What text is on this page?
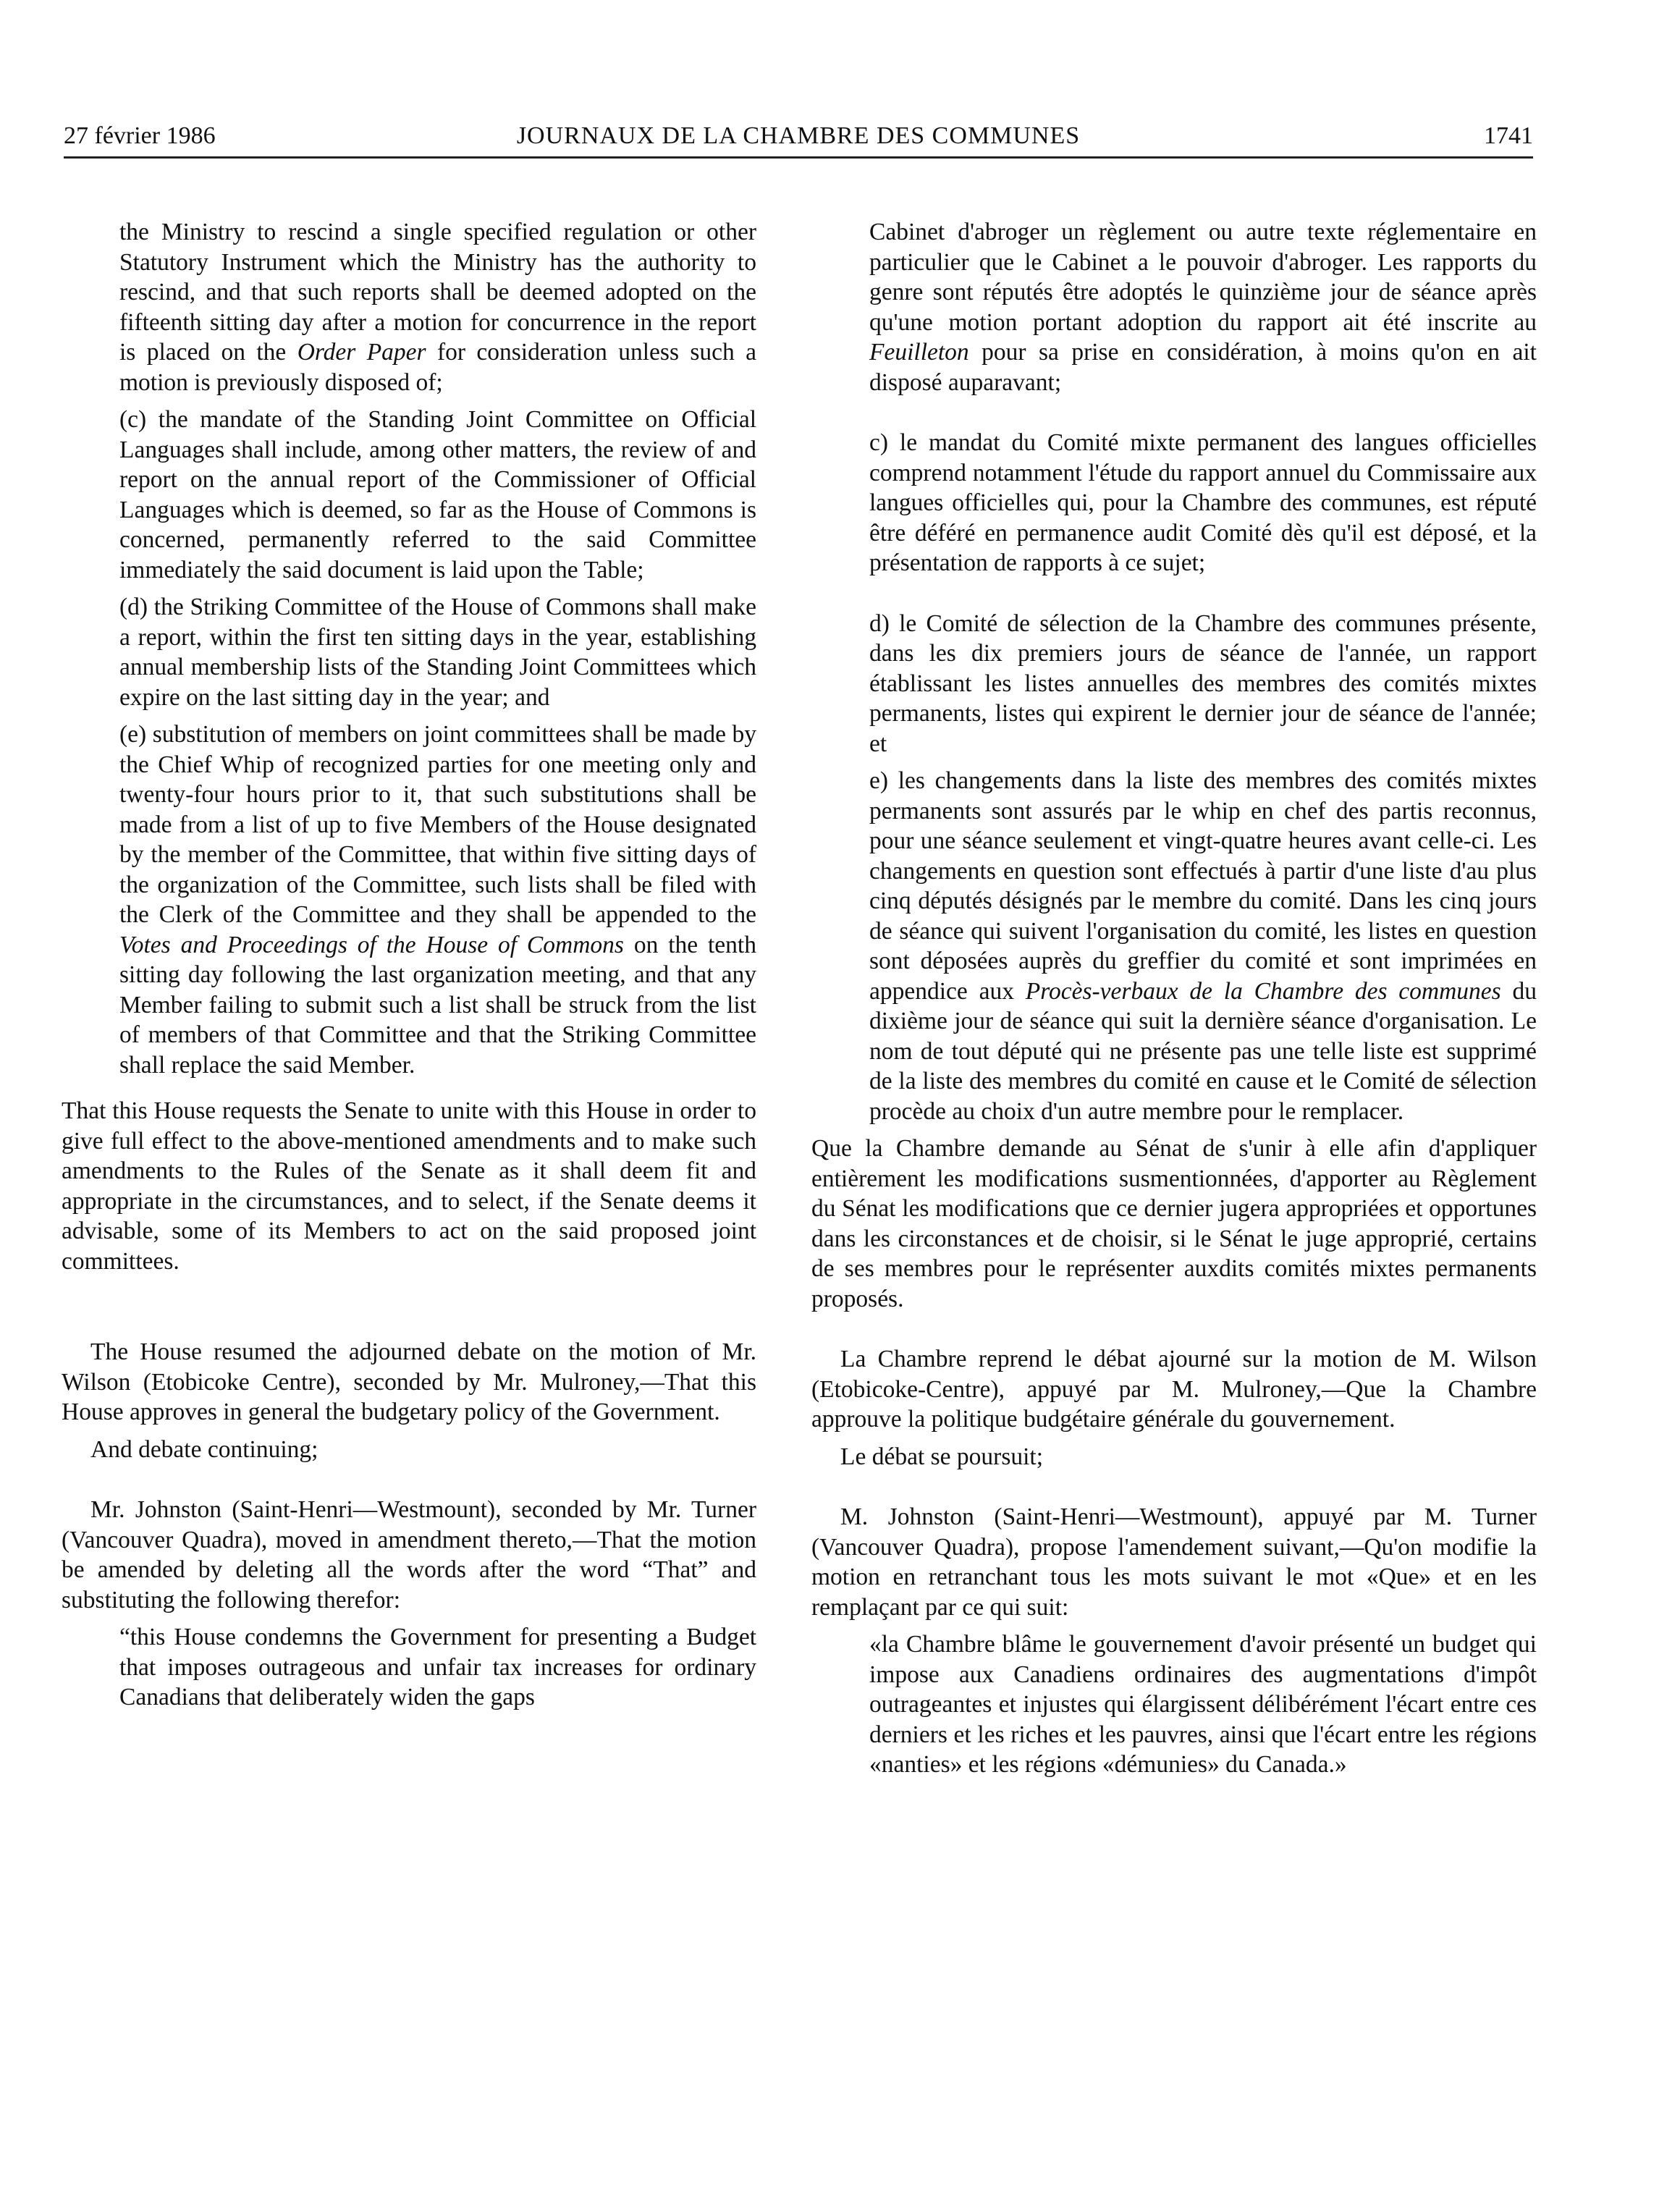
27 février 1986	JOURNAUX DE LA CHAMBRE DES COMMUNES	1741

the Ministry to rescind a single specified regulation or other Statutory Instrument which the Ministry has the authority to rescind, and that such reports shall be deemed adopted on the fifteenth sitting day after a motion for concurrence in the report is placed on the Order Paper for consideration unless such a motion is previously disposed of;

(c) the mandate of the Standing Joint Committee on Official Languages shall include, among other matters, the review of and report on the annual report of the Commissioner of Official Languages which is deemed, so far as the House of Commons is concerned, permanently referred to the said Committee immediately the said document is laid upon the Table;

(d) the Striking Committee of the House of Commons shall make a report, within the first ten sitting days in the year, establishing annual membership lists of the Standing Joint Committees which expire on the last sitting day in the year; and

(e) substitution of members on joint committees shall be made by the Chief Whip of recognized parties for one meeting only and twenty-four hours prior to it, that such substitutions shall be made from a list of up to five Members of the House designated by the member of the Committee, that within five sitting days of the organization of the Committee, such lists shall be filed with the Clerk of the Committee and they shall be appended to the Votes and Proceedings of the House of Commons on the tenth sitting day following the last organization meeting, and that any Member failing to submit such a list shall be struck from the list of members of that Committee and that the Striking Committee shall replace the said Member.

That this House requests the Senate to unite with this House in order to give full effect to the above-mentioned amendments and to make such amendments to the Rules of the Senate as it shall deem fit and appropriate in the circumstances, and to select, if the Senate deems it advisable, some of its Members to act on the said proposed joint committees.

The House resumed the adjourned debate on the motion of Mr. Wilson (Etobicoke Centre), seconded by Mr. Mulroney,—That this House approves in general the budgetary policy of the Government.

And debate continuing;

Mr. Johnston (Saint-Henri—Westmount), seconded by Mr. Turner (Vancouver Quadra), moved in amendment thereto,—That the motion be amended by deleting all the words after the word “That” and substituting the following therefor:

“this House condemns the Government for presenting a Budget that imposes outrageous and unfair tax increases for ordinary Canadians that deliberately widen the gaps

Cabinet d'abroger un règlement ou autre texte réglementaire en particulier que le Cabinet a le pouvoir d'abroger. Les rapports du genre sont réputés être adoptés le quinzième jour de séance après qu'une motion portant adoption du rapport ait été inscrite au Feuilleton pour sa prise en considération, à moins qu'on en ait disposé auparavant;

c) le mandat du Comité mixte permanent des langues officielles comprend notamment l'étude du rapport annuel du Commissaire aux langues officielles qui, pour la Chambre des communes, est réputé être déféré en permanence audit Comité dès qu'il est déposé, et la présentation de rapports à ce sujet;

d) le Comité de sélection de la Chambre des communes présente, dans les dix premiers jours de séance de l'année, un rapport établissant les listes annuelles des membres des comités mixtes permanents, listes qui expirent le dernier jour de séance de l'année; et

e) les changements dans la liste des membres des comités mixtes permanents sont assurés par le whip en chef des partis reconnus, pour une séance seulement et vingt-quatre heures avant celle-ci. Les changements en question sont effectués à partir d'une liste d'au plus cinq députés désignés par le membre du comité. Dans les cinq jours de séance qui suivent l'organisation du comité, les listes en question sont déposées auprès du greffier du comité et sont imprimées en appendice aux Procès-verbaux de la Chambre des communes du dixième jour de séance qui suit la dernière séance d'organisation. Le nom de tout député qui ne présente pas une telle liste est supprimé de la liste des membres du comité en cause et le Comité de sélection procède au choix d'un autre membre pour le remplacer.

Que la Chambre demande au Sénat de s'unir à elle afin d'appliquer entièrement les modifications susmentionnées, d'apporter au Règlement du Sénat les modifications que ce dernier jugera appropriées et opportunes dans les circonstances et de choisir, si le Sénat le juge approprié, certains de ses membres pour le représenter auxdits comités mixtes permanents proposés.

La Chambre reprend le débat ajourné sur la motion de M. Wilson (Etobicoke-Centre), appuyé par M. Mulroney,—Que la Chambre approuve la politique budgétaire générale du gouvernement.

Le débat se poursuit;

M. Johnston (Saint-Henri—Westmount), appuyé par M. Turner (Vancouver Quadra), propose l'amendement suivant,—Qu'on modifie la motion en retranchant tous les mots suivant le mot «Que» et en les remplaçant par ce qui suit:

«la Chambre blâme le gouvernement d'avoir présenté un budget qui impose aux Canadiens ordinaires des augmentations d'impôt outrageantes et injustes qui élargissent délibérément l'écart entre ces derniers et les riches et les pauvres, ainsi que l'écart entre les régions «nanties» et les régions «démunies» du Canada.»
